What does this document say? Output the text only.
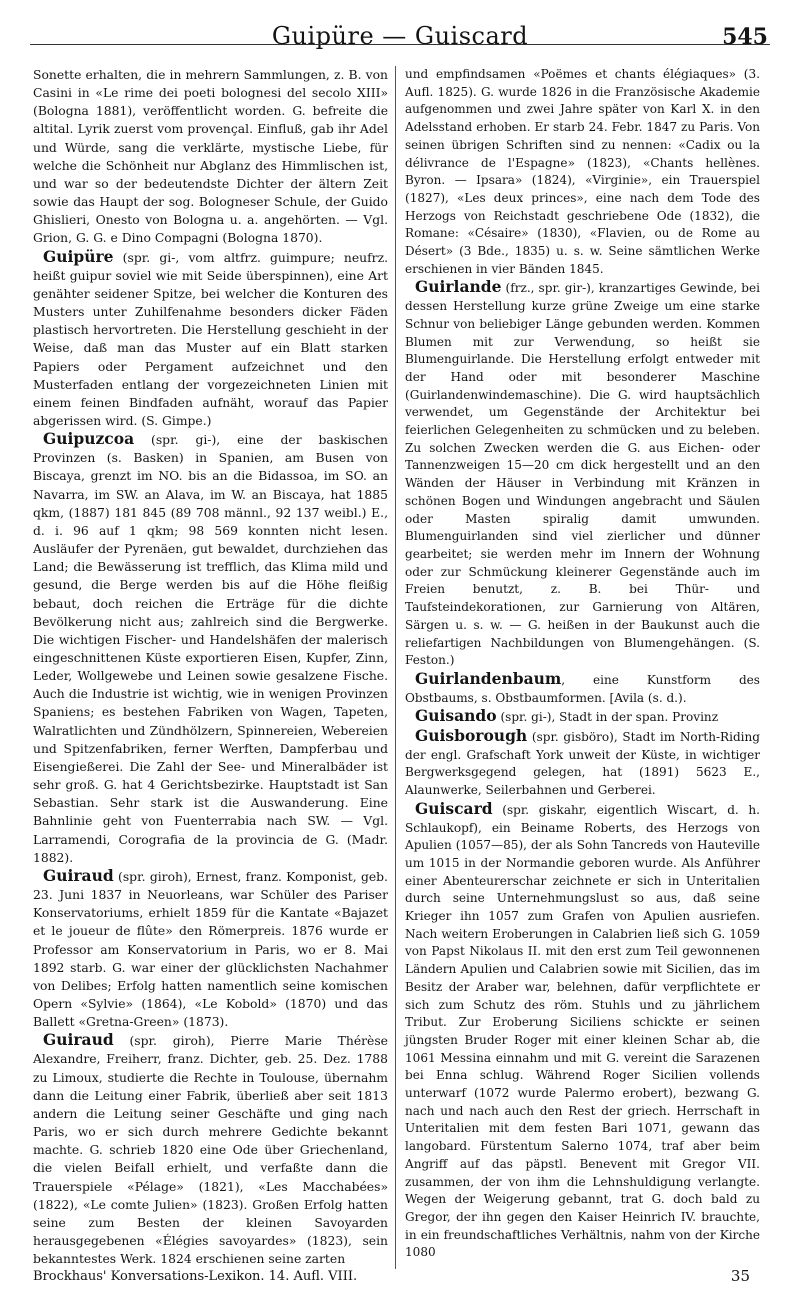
Guipüre — Guiscard	545

Sonette erhalten, die in mehrern Sammlungen, z. B. von Casini in «Le rime dei poeti bolognesi del secolo XIII» (Bologna 1881), veröffentlicht worden. G. befreite die altital. Lyrik zuerst vom provençal. Einfluß, gab ihr Adel und Würde, sang die verklärte, mystische Liebe, für welche die Schönheit nur Abglanz des Himmlischen ist, und war so der bedeutendste Dichter der ältern Zeit sowie das Haupt der sog. Bologneser Schule, der Guido Ghislieri, Onesto von Bologna u. a. angehörten. — Vgl. Grion, G. G. e Dino Compagni (Bologna 1870).

Guipüre (spr. gi-, vom altfrz. guimpure; neufrz. heißt guipur soviel wie mit Seide überspinnen), eine Art genähter seidener Spitze, bei welcher die Konturen des Musters unter Zuhilfenahme besonders dicker Fäden plastisch hervortreten. Die Herstellung geschieht in der Weise, daß man das Muster auf ein Blatt starken Papiers oder Pergament aufzeichnet und den Musterfaden entlang der vorgezeichneten Linien mit einem feinen Bindfaden aufnäht, worauf das Papier abgerissen wird. (S. Gimpe.)

Guipuzcoa (spr. gi-), eine der baskischen Provinzen (s. Basken) in Spanien, am Busen von Biscaya, grenzt im NO. bis an die Bidassoa, im SO. an Navarra, im SW. an Alava, im W. an Biscaya, hat 1885 qkm, (1887) 181 845 (89 708 männl., 92 137 weibl.) E., d. i. 96 auf 1 qkm; 98 569 konnten nicht lesen. Ausläufer der Pyrenäen, gut bewaldet, durchziehen das Land; die Bewässerung ist trefflich, das Klima mild und gesund, die Berge werden bis auf die Höhe fleißig bebaut, doch reichen die Erträge für die dichte Bevölkerung nicht aus; zahlreich sind die Bergwerke. Die wichtigen Fischer- und Handelshäfen der malerisch eingeschnittenen Küste exportieren Eisen, Kupfer, Zinn, Leder, Wollgewebe und Leinen sowie gesalzene Fische. Auch die Industrie ist wichtig, wie in wenigen Provinzen Spaniens; es bestehen Fabriken von Wagen, Tapeten, Walratlichten und Zündhölzern, Spinnereien, Webereien und Spitzenfabriken, ferner Werften, Dampferbau und Eisengießerei. Die Zahl der See- und Mineralbäder ist sehr groß. G. hat 4 Gerichtsbezirke. Hauptstadt ist San Sebastian. Sehr stark ist die Auswanderung. Eine Bahnlinie geht von Fuenterrabia nach SW. — Vgl. Larramendi, Corografia de la provincia de G. (Madr. 1882).

Guiraud (spr. giroh), Ernest, franz. Komponist, geb. 23. Juni 1837 in Neuorleans, war Schüler des Pariser Konservatoriums, erhielt 1859 für die Kantate «Bajazet et le joueur de flûte» den Römerpreis. 1876 wurde er Professor am Konservatorium in Paris, wo er 8. Mai 1892 starb. G. war einer der glücklichsten Nachahmer von Delibes; Erfolg hatten namentlich seine komischen Opern «Sylvie» (1864), «Le Kobold» (1870) und das Ballett «Gretna-Green» (1873).

Guiraud (spr. giroh), Pierre Marie Thérèse Alexandre, Freiherr, franz. Dichter, geb. 25. Dez. 1788 zu Limoux, studierte die Rechte in Toulouse, übernahm dann die Leitung einer Fabrik, überließ aber seit 1813 andern die Leitung seiner Geschäfte und ging nach Paris, wo er sich durch mehrere Gedichte bekannt machte. G. schrieb 1820 eine Ode über Griechenland, die vielen Beifall erhielt, und verfaßte dann die Trauerspiele «Pélage» (1821), «Les Macchabées» (1822), «Le comte Julien» (1823). Großen Erfolg hatten seine zum Besten der kleinen Savoyarden herausgegebenen «Élégies savoyardes» (1823), sein bekanntestes Werk. 1824 erschienen seine zarten

und empfindsamen «Poëmes et chants élégiaques» (3. Aufl. 1825). G. wurde 1826 in die Französische Akademie aufgenommen und zwei Jahre später von Karl X. in den Adelsstand erhoben. Er starb 24. Febr. 1847 zu Paris. Von seinen übrigen Schriften sind zu nennen: «Cadix ou la délivrance de l'Espagne» (1823), «Chants hellènes. Byron. — Ipsara» (1824), «Virginie», ein Trauerspiel (1827), «Les deux princes», eine nach dem Tode des Herzogs von Reichstadt geschriebene Ode (1832), die Romane: «Césaire» (1830), «Flavien, ou de Rome au Désert» (3 Bde., 1835) u. s. w. Seine sämtlichen Werke erschienen in vier Bänden 1845.

Guirlande (frz., spr. gir-), kranzartiges Gewinde, bei dessen Herstellung kurze grüne Zweige um eine starke Schnur von beliebiger Länge gebunden werden. Kommen Blumen mit zur Verwendung, so heißt sie Blumenguirlande. Die Herstellung erfolgt entweder mit der Hand oder mit besonderer Maschine (Guirlandenwindemaschine). Die G. wird hauptsächlich verwendet, um Gegenstände der Architektur bei feierlichen Gelegenheiten zu schmücken und zu beleben. Zu solchen Zwecken werden die G. aus Eichen- oder Tannenzweigen 15—20 cm dick hergestellt und an den Wänden der Häuser in Verbindung mit Kränzen in schönen Bogen und Windungen angebracht und Säulen oder Masten spiralig damit umwunden. Blumenguirlanden sind viel zierlicher und dünner gearbeitet; sie werden mehr im Innern der Wohnung oder zur Schmückung kleinerer Gegenstände auch im Freien benutzt, z. B. bei Thür- und Taufsteindekorationen, zur Garnierung von Altären, Särgen u. s. w. — G. heißen in der Baukunst auch die reliefartigen Nachbildungen von Blumengehängen. (S. Feston.)

Guirlandenbaum, eine Kunstform des Obstbaums, s. Obstbaumformen. [Avila (s. d.).

Guisando (spr. gi-), Stadt in der span. Provinz

Guisborough (spr. gisböro), Stadt im North-Riding der engl. Grafschaft York unweit der Küste, in wichtiger Bergwerksgegend gelegen, hat (1891) 5623 E., Alaunwerke, Seilerbahnen und Gerberei.

Guiscard (spr. giskahr, eigentlich Wiscart, d. h. Schlaukopf), ein Beiname Roberts, des Herzogs von Apulien (1057—85), der als Sohn Tancreds von Hauteville um 1015 in der Normandie geboren wurde. Als Anführer einer Abenteurerschar zeichnete er sich in Unteritalien durch seine Unternehmungslust so aus, daß seine Krieger ihn 1057 zum Grafen von Apulien ausriefen. Nach weitern Eroberungen in Calabrien ließ sich G. 1059 von Papst Nikolaus II. mit den erst zum Teil gewonnenen Ländern Apulien und Calabrien sowie mit Sicilien, das im Besitz der Araber war, belehnen, dafür verpflichtete er sich zum Schutz des röm. Stuhls und zu jährlichem Tribut. Zur Eroberung Siciliens schickte er seinen jüngsten Bruder Roger mit einer kleinen Schar ab, die 1061 Messina einnahm und mit G. vereint die Sarazenen bei Enna schlug. Während Roger Sicilien vollends unterwarf (1072 wurde Palermo erobert), bezwang G. nach und nach auch den Rest der griech. Herrschaft in Unteritalien mit dem festen Bari 1071, gewann das langobard. Fürstentum Salerno 1074, traf aber beim Angriff auf das päpstl. Benevent mit Gregor VII. zusammen, der von ihm die Lehnshuldigung verlangte. Wegen der Weigerung gebannt, trat G. doch bald zu Gregor, der ihn gegen den Kaiser Heinrich IV. brauchte, in ein freundschaftliches Verhältnis, nahm von der Kirche 1080

Brockhaus' Konversations-Lexikon. 14. Aufl. VIII.	35
